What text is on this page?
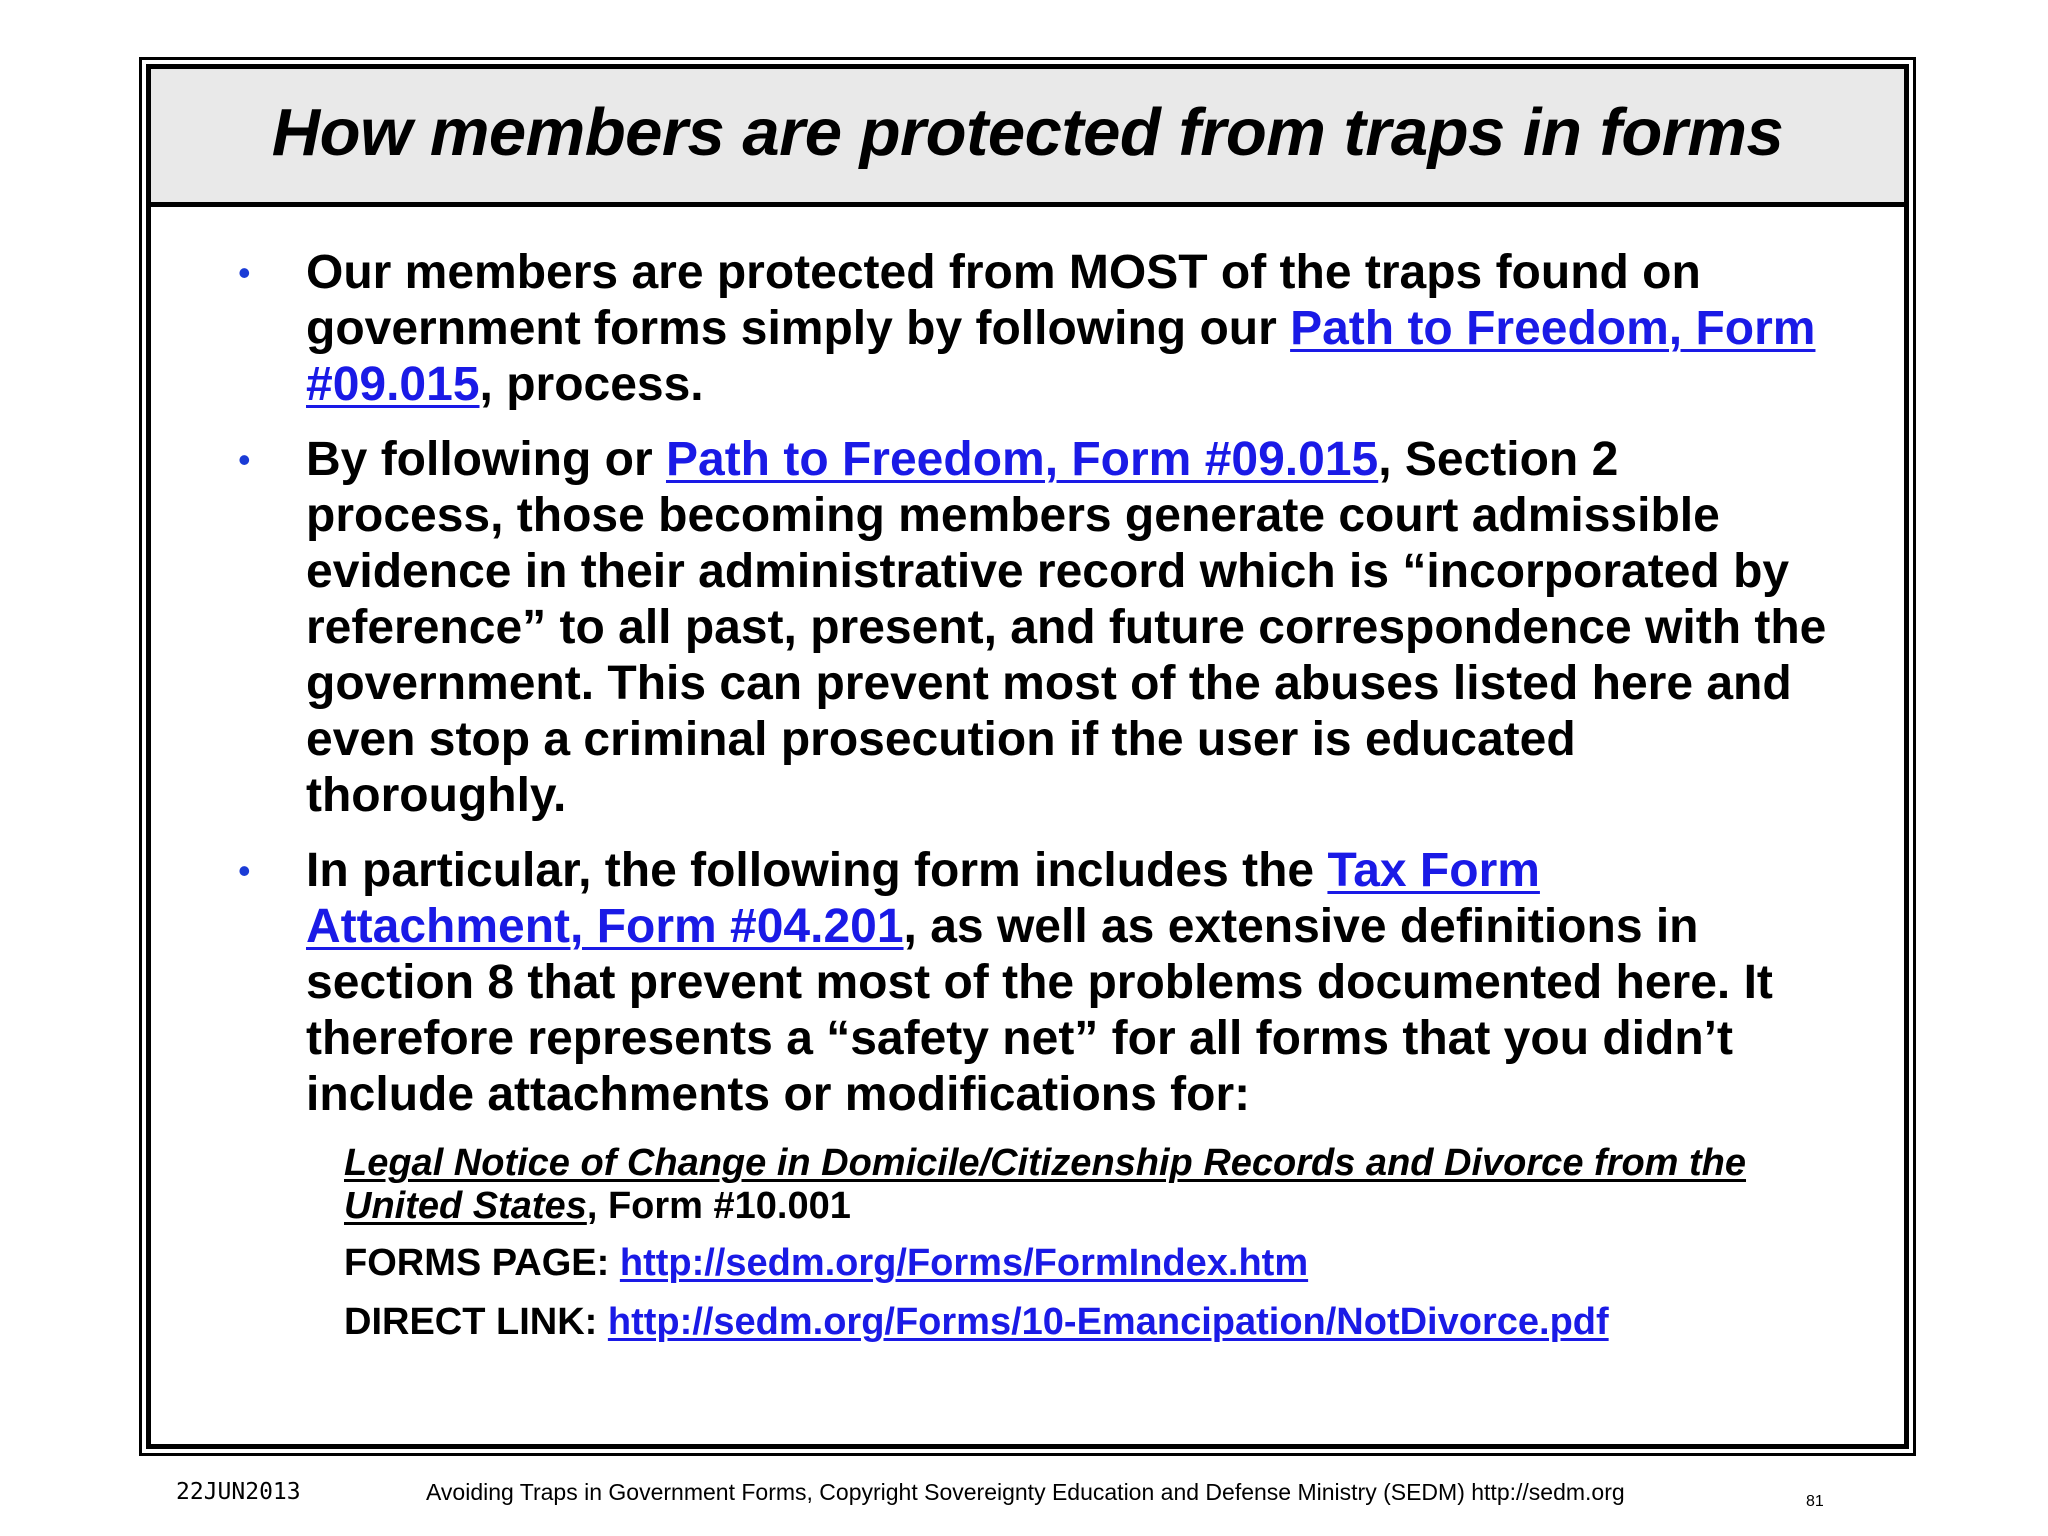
How members are protected from traps in forms
• Our members are protected from MOST of the traps found on government forms simply by following our Path to Freedom, Form #09.015, process.
• By following or Path to Freedom, Form #09.015, Section 2 process, those becoming members generate court admissible evidence in their administrative record which is “incorporated by reference” to all past, present, and future correspondence with the government. This can prevent most of the abuses listed here and even stop a criminal prosecution if the user is educated thoroughly.
• In particular, the following form includes the Tax Form Attachment, Form #04.201, as well as extensive definitions in section 8 that prevent most of the problems documented here. It therefore represents a “safety net” for all forms that you didn’t include attachments or modifications for:
Legal Notice of Change in Domicile/Citizenship Records and Divorce from the United States, Form #10.001
FORMS PAGE: http://sedm.org/Forms/FormIndex.htm
DIRECT LINK: http://sedm.org/Forms/10-Emancipation/NotDivorce.pdf
22JUN2013	Avoiding Traps in Government Forms, Copyright Sovereignty Education and Defense Ministry (SEDM) http://sedm.org	81
